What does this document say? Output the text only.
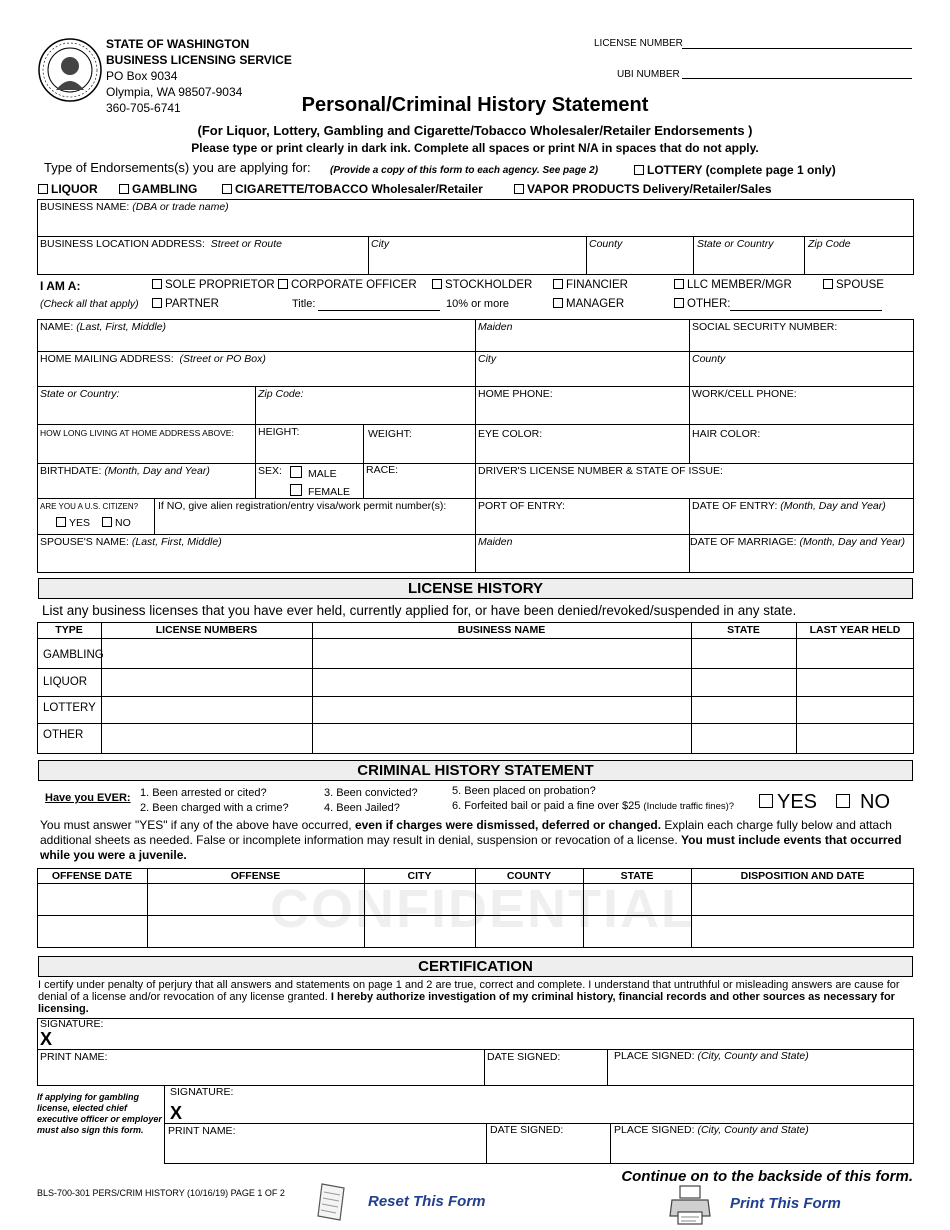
STATE OF WASHINGTON
BUSINESS LICENSING SERVICE
PO Box 9034
Olympia, WA 98507-9034
360-705-6741
LICENSE NUMBER
UBI NUMBER
Personal/Criminal History Statement
(For Liquor, Lottery, Gambling and Cigarette/Tobacco Wholesaler/Retailer Endorsements )
Please type or print clearly in dark ink. Complete all spaces or print N/A in spaces that do not apply.
Type of Endorsements(s) you are applying for: (Provide a copy of this form to each agency. See page 2)	LOTTERY (complete page 1 only)
LIQUOR	GAMBLING	CIGARETTE/TOBACCO Wholesaler/Retailer	VAPOR PRODUCTS Delivery/Retailer/Sales
BUSINESS NAME: (DBA or trade name)
BUSINESS LOCATION ADDRESS: Street or Route	City	County	State or Country	Zip Code
I AM A:
(Check all that apply)
SOLE PROPRIETOR	CORPORATE OFFICER	STOCKHOLDER	FINANCIER	LLC MEMBER/MGR	SPOUSE
PARTNER	Title:	10% or more	MANAGER	OTHER:
NAME: (Last, First, Middle)	Maiden	SOCIAL SECURITY NUMBER:
HOME MAILING ADDRESS: (Street or PO Box)	City	County
State or Country:	Zip Code:	HOME PHONE:	WORK/CELL PHONE:
HOW LONG LIVING AT HOME ADDRESS ABOVE: HEIGHT:	WEIGHT:	EYE COLOR:	HAIR COLOR:
BIRTHDATE: (Month, Day and Year)	SEX:	MALE
FEMALE
RACE:	DRIVER'S LICENSE NUMBER & STATE OF ISSUE:
ARE YOU A U.S. CITIZEN?
YES	NO
If NO, give alien registration/entry visa/work permit number(s):	PORT OF ENTRY:	DATE OF ENTRY: (Month, Day and Year)
SPOUSE'S NAME: (Last, First, Middle)	Maiden	DATE OF MARRIAGE: (Month, Day and Year)
LICENSE HISTORY
List any business licenses that you have ever held, currently applied for, or have been denied/revoked/suspended in any state.
TYPE	LICENSE NUMBERS	BUSINESS NAME	STATE	LAST YEAR HELD
GAMBLING
LIQUOR
LOTTERY
OTHER
CRIMINAL HISTORY STATEMENT
Have you EVER: 1. Been arrested or cited?
2. Been charged with a crime?
3. Been convicted?
4. Been Jailed?
5. Been placed on probation?
6. Forfeited bail or paid a fine over $25 (Include traffic fines)?	YES	NO
You must answer "YES" if any of the above have occurred, even if charges were dismissed, deferred or changed. Explain each charge fully below and attach additional sheets as needed. False or incomplete information may result in denial, suspension or revocation of a license. You must include events that occurred while you were a juvenile.
OFFENSE DATE	OFFENSE	CITY	COUNTY	STATE	DISPOSITION AND DATE
CONFIDENTIAL
CERTIFICATION
I certify under penalty of perjury that all answers and statements on page 1 and 2 are true, correct and complete. I understand that untruthful or misleading answers are cause for denial of a license and/or revocation of any license granted. I hereby authorize investigation of my criminal history, financial records and other sources as necessary for licensing.
SIGNATURE:
X
PRINT NAME:	DATE SIGNED:	PLACE SIGNED: (City, County and State)
If applying for gambling license, elected chief executive officer or employer must also sign this form.
SIGNATURE:
X
PRINT NAME:	DATE SIGNED:	PLACE SIGNED: (City, County and State)
Continue on to the backside of this form.
BLS-700-301 PERS/CRIM HISTORY (10/16/19) PAGE 1 OF 2	Reset This Form	Print This Form
